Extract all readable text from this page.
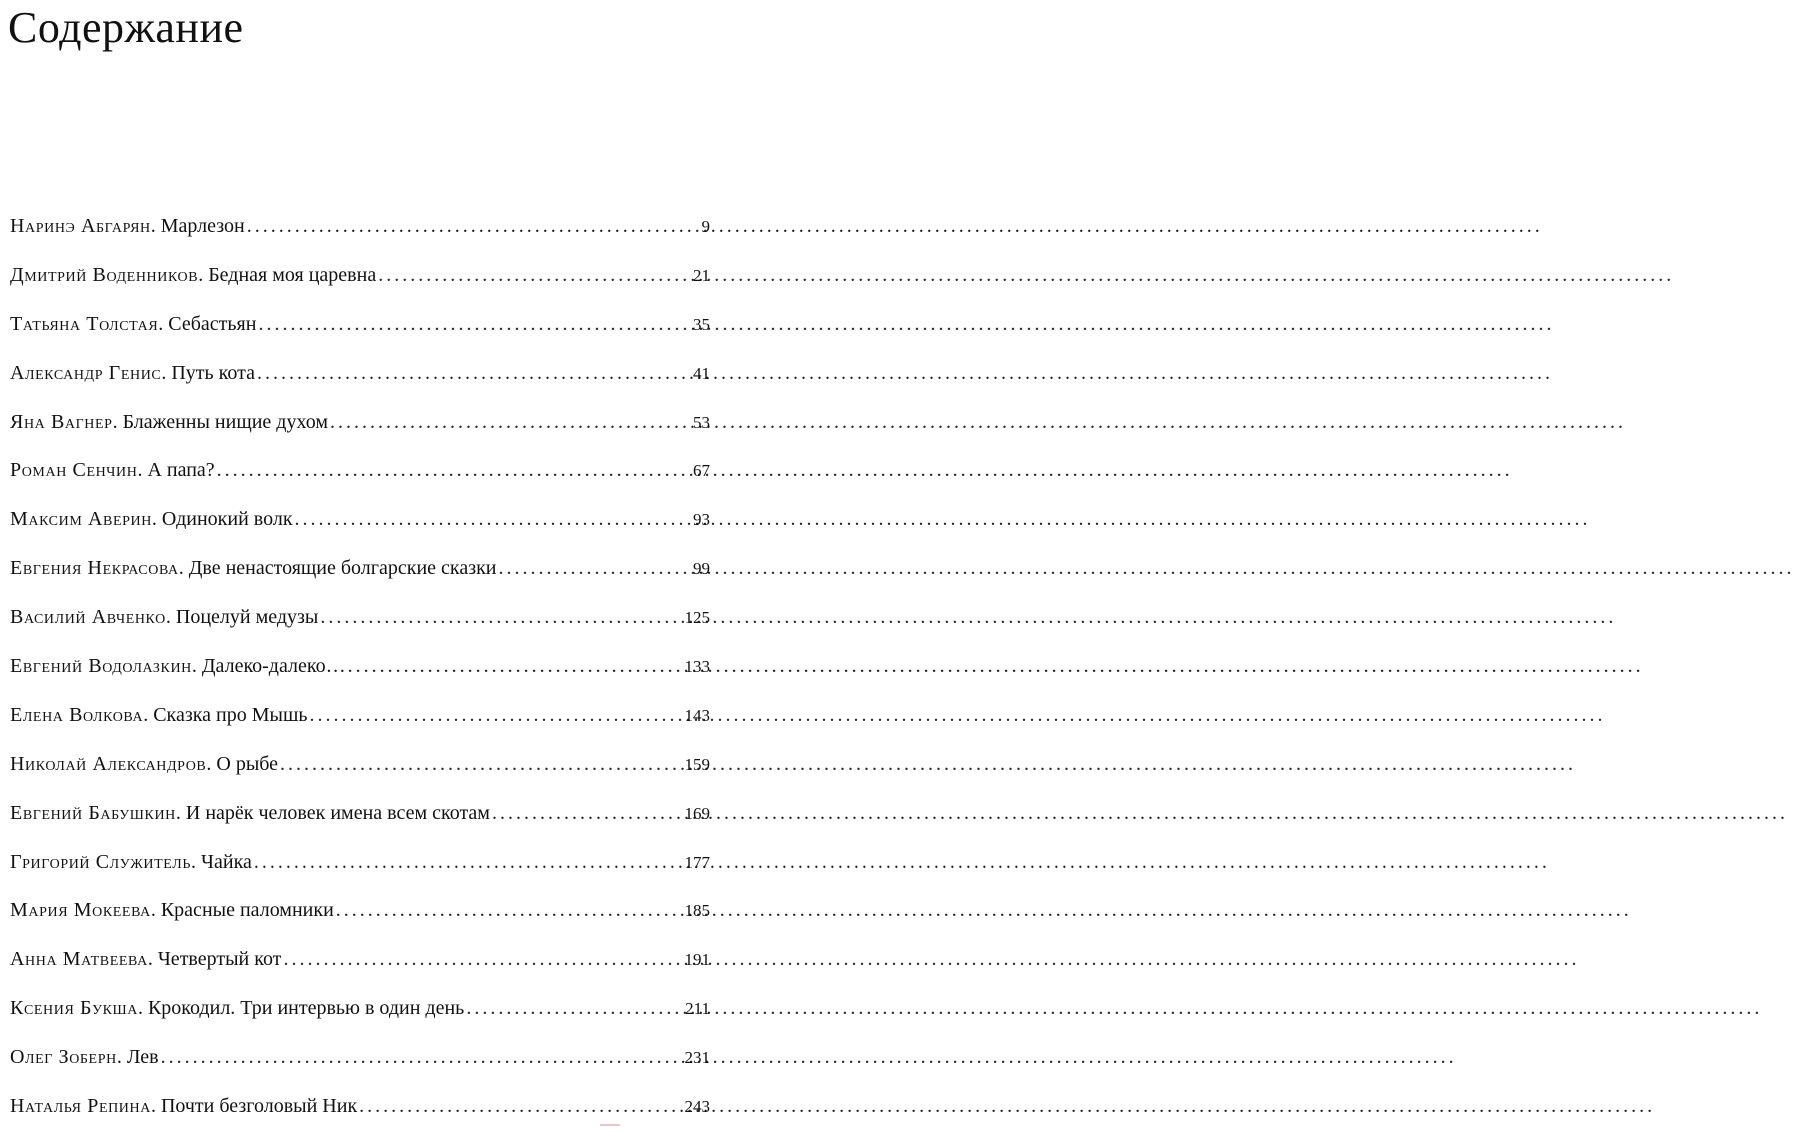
Содержание
Наринэ Абгарян. Марлезон .....	9
Дмитрий Воденников. Бедная моя царевна .....	21
Татьяна Толстая. Себастьян .....	35
Александр Генис. Путь кота .....	41
Яна Вагнер. Блаженны нищие духом .....	53
Роман Сенчин. А папа? .....	67
Максим Аверин. Одинокий волк .....	93
Евгения Некрасова. Две ненастоящие болгарские сказки .....	99
Василий Авченко. Поцелуй медузы .....	125
Евгений Водолазкин. Далеко-далеко… .....	133
Елена Волкова. Сказка про Мышь .....	143
Николай Александров. О рыбе .....	159
Евгений Бабушкин. И нарёк человек имена всем скотам .....	169
Григорий Служитель. Чайка .....	177
Мария Мокеева. Красные паломники .....	185
Анна Матвеева. Четвертый кот .....	191
Ксения Букша. Крокодил. Три интервью в один день .....	211
Олег Зоберн. Лев .....	231
Наталья Репина. Почти безголовый Ник .....	243
